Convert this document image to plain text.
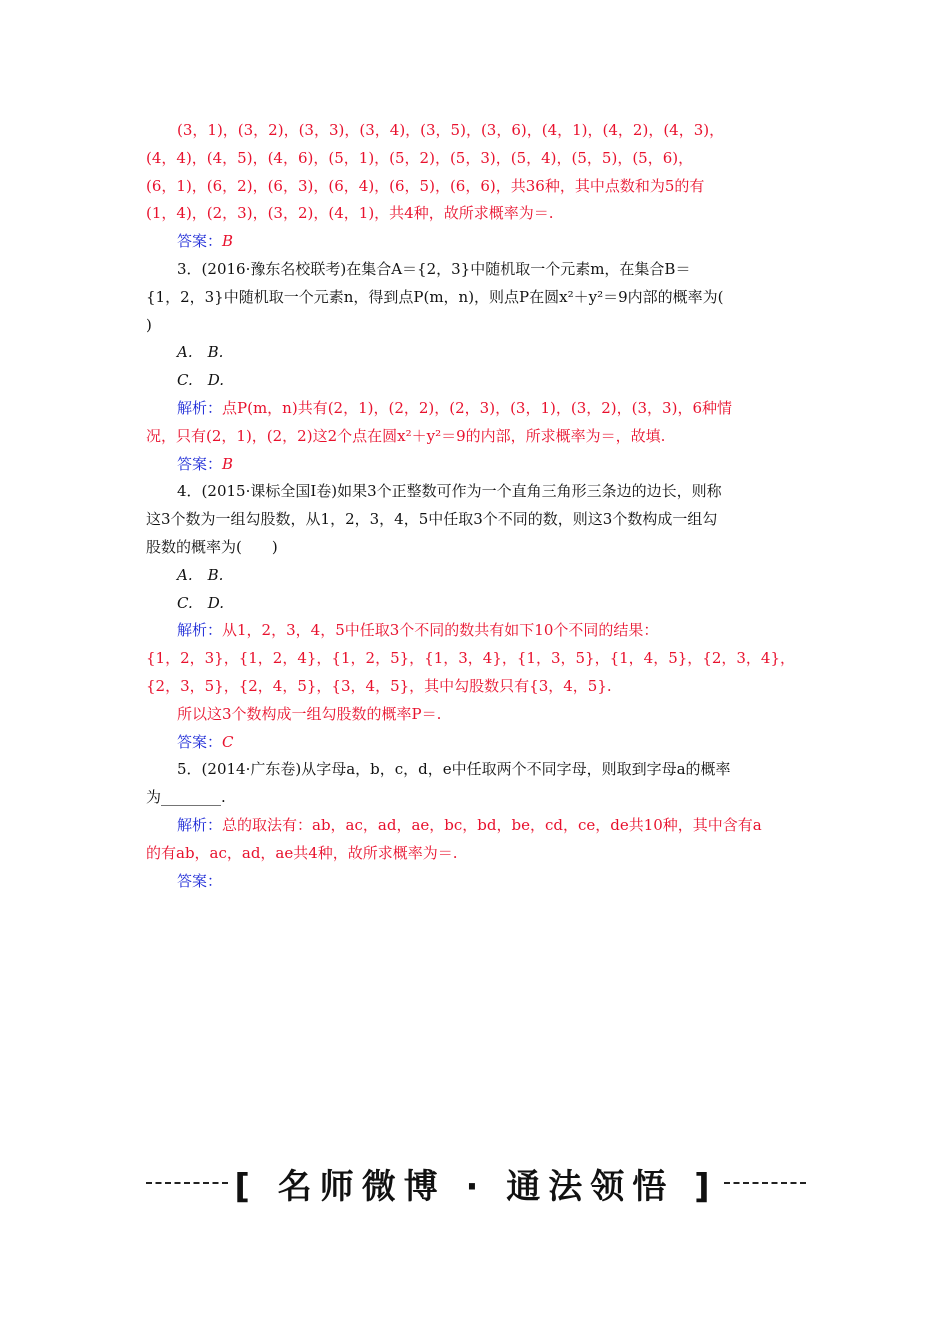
(3，1)，(3，2)，(3，3)，(3，4)，(3，5)，(3，6)，(4，1)，(4，2)，(4，3)，
(4，4)，(4，5)，(4，6)，(5，1)，(5，2)，(5，3)，(5，4)，(5，5)，(5，6)，
(6，1)，(6，2)，(6，3)，(6，4)，(6，5)，(6，6)，共36种，其中点数和为5的有
(1，4)，(2，3)，(3，2)，(4，1)，共4种，故所求概率为＝.
答案：B
3．(2016·豫东名校联考)在集合A＝{2，3}中随机取一个元素m，在集合B＝
{1，2，3}中随机取一个元素n，得到点P(m，n)，则点P在圆x²＋y²＝9内部的概率为(
)
A.　B.
C.　D.
解析：点P(m，n)共有(2，1)，(2，2)，(2，3)，(3，1)，(3，2)，(3，3)，6种情
况，只有(2，1)，(2，2)这2个点在圆x²＋y²＝9的内部，所求概率为＝，故填.
答案：B
4．(2015·课标全国Ⅰ卷)如果3个正整数可作为一个直角三角形三条边的边长，则称
这3个数为一组勾股数，从1，2，3，4，5中任取3个不同的数，则这3个数构成一组勾
股数的概率为(　　)
A.　B.
C.　D.
解析：从1，2，3，4，5中任取3个不同的数共有如下10个不同的结果：
{1，2，3}，{1，2，4}，{1，2，5}，{1，3，4}，{1，3，5}，{1，4，5}，{2，3，4}，
{2，3，5}，{2，4，5}，{3，4，5}，其中勾股数只有{3，4，5}.
所以这3个数构成一组勾股数的概率P＝.
答案：C
5．(2014·广东卷)从字母a，b，c，d，e中任取两个不同字母，则取到字母a的概率
为________.
解析：总的取法有：ab，ac，ad，ae，bc，bd，be，cd，ce，de共10种，其中含有a
的有ab，ac，ad，ae共4种，故所求概率为＝.
答案：
[ 名师微博 · 通法领悟 ]
